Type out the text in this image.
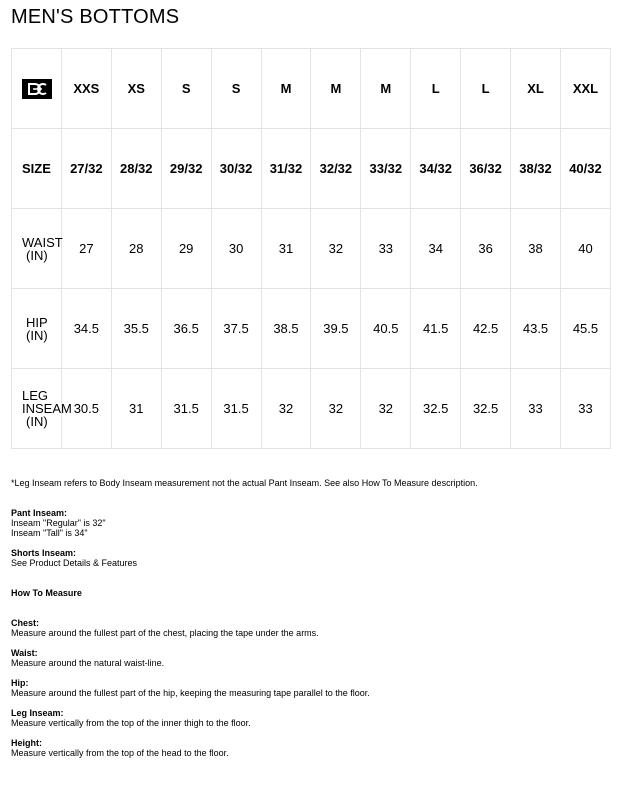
MEN'S BOTTOMS
	XXS	XS	S	S	M	M	M	L	L	XL	XXL
SIZE	27/32	28/32	29/32	30/32	31/32	32/32	33/32	34/32	36/32	38/32	40/32

WAIST
(IN)	27	28	29	30	31	32	33	34	36	38	40

HIP
(IN)	34.5	35.5	36.5	37.5	38.5	39.5	40.5	41.5	42.5	43.5	45.5

LEG
INSEAM
(IN)	30.5	31	31.5	31.5	32	32	32	32.5	32.5	33	33

*Leg Inseam refers to Body Inseam measurement not the actual Pant Inseam. See also How To Measure description.

Pant Inseam:

Inseam "Regular" is 32"

Inseam "Tall" is 34"

Shorts Inseam:

See Product Details & Features

How To Measure

Chest:

Measure around the fullest part of the chest, placing the tape under the arms.

Waist:

Measure around the natural waist-line.

Hip:

Measure around the fullest part of the hip, keeping the measuring tape parallel to the floor.

Leg Inseam:

Measure vertically from the top of the inner thigh to the floor.

Height:

Measure vertically from the top of the head to the floor.
